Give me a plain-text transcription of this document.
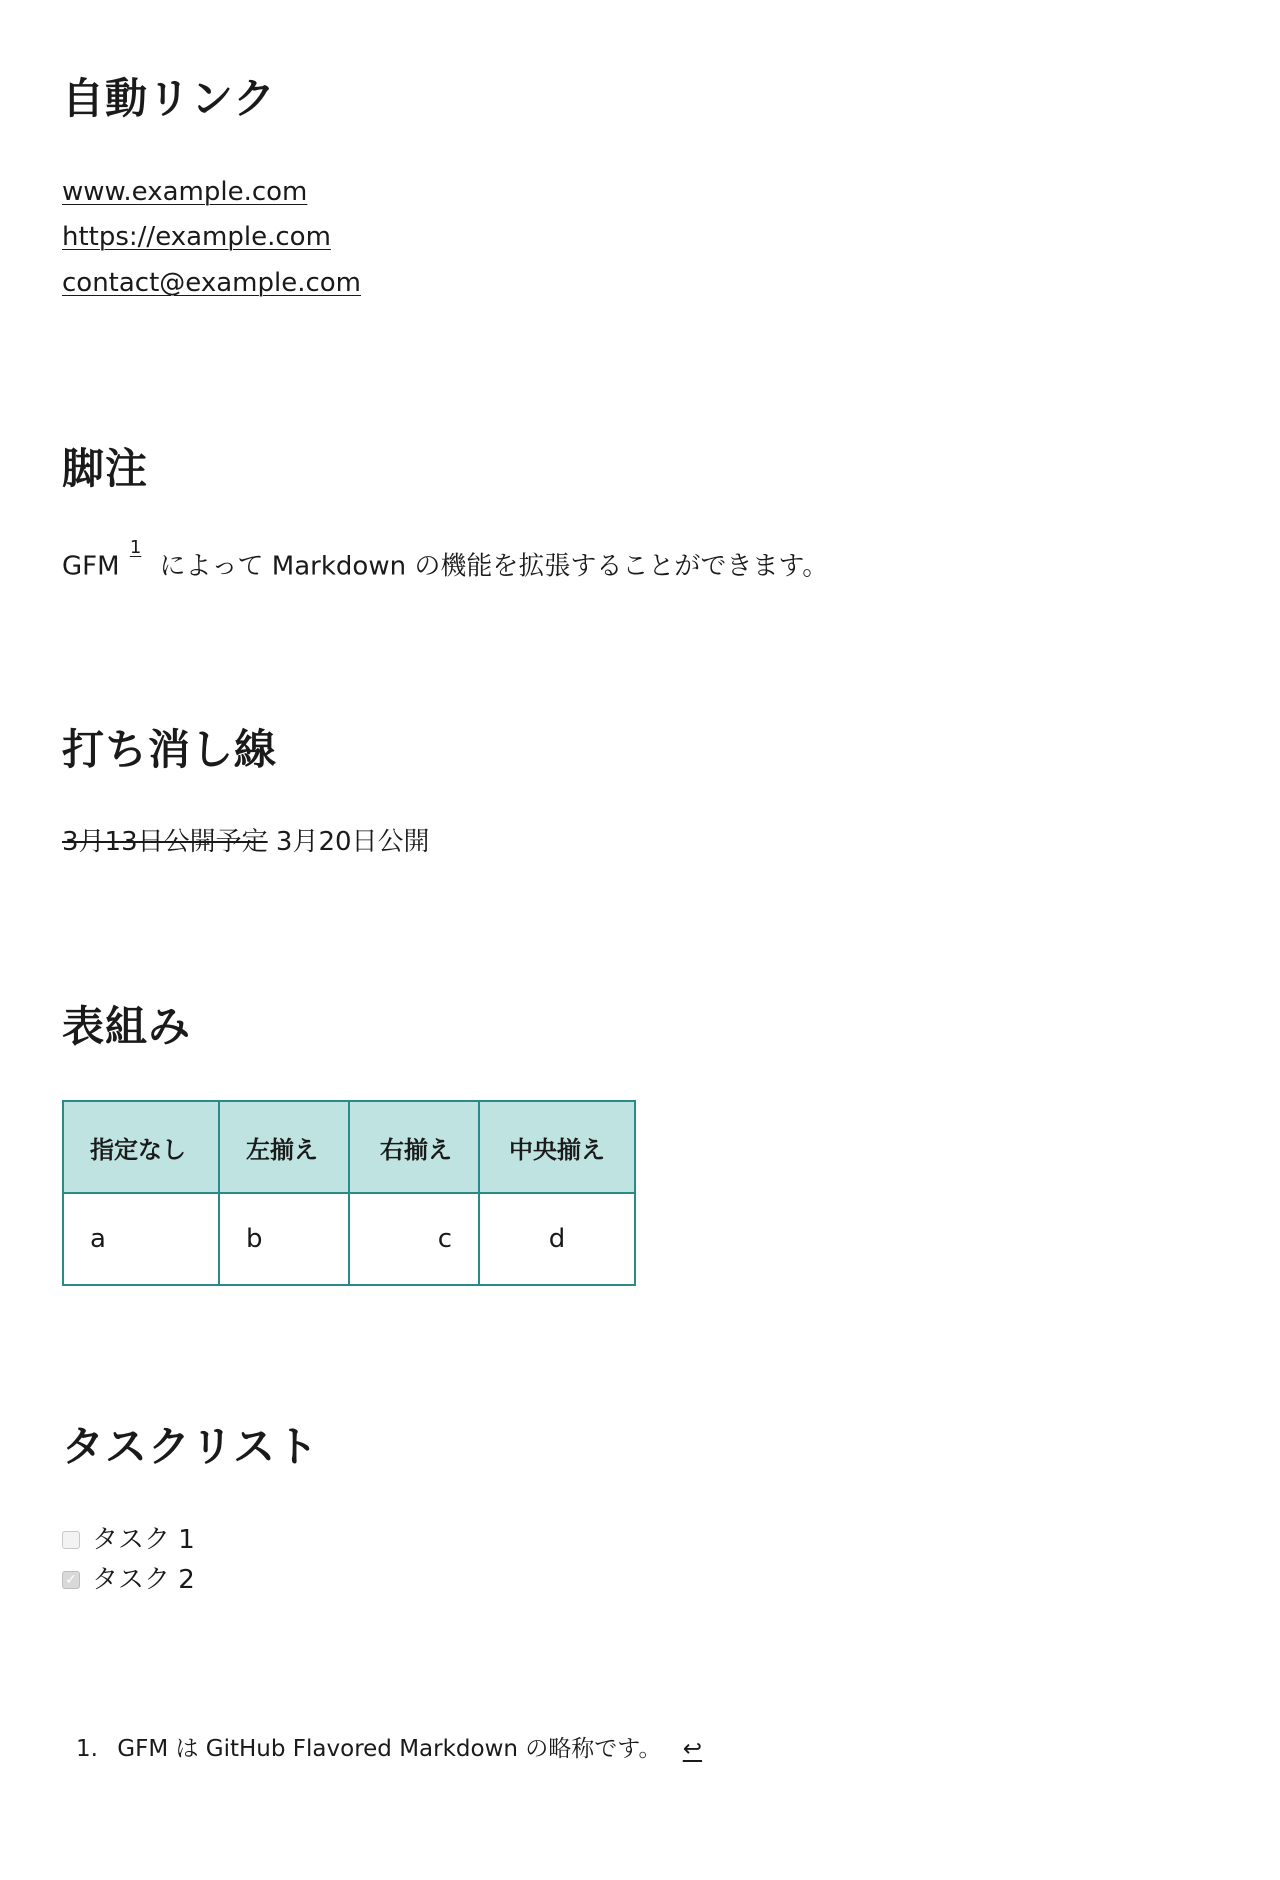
自動リンク
www.example.com
https://example.com
contact@example.com
脚注
GFM $^1$ によって Markdown の機能を拡張することができます。
打ち消し線
3月13日公開予定 3月20日公開
表組み
指定なし	左揃え	右揃え	中央揃え
a	b	c	d
タスクリスト
タスク 1
✓ タスク 2
1. GFM は GitHub Flavored Markdown の略称です。 ↩
